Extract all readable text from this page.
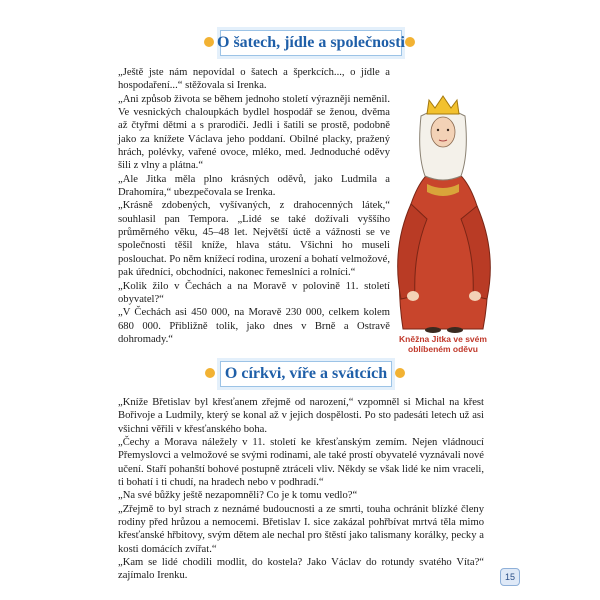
O šatech, jídle a společnosti

„Ještě jste nám nepovídal o šatech a šperkcích..., o jídle a hospodaření...“ stěžovala si Irenka.

„Ani způsob života se během jednoho století výrazněji neměnil. Ve vesnických chaloupkách bydlel hospodář se ženou, dvěma až čtyřmi dětmi a s prarodiči. Jedli i šatili se prostě, podobně jako za knížete Václava jeho poddaní. Obilné placky, pražený hrách, polévky, vařené ovoce, mléko, med. Jednoduché oděvy šili z vlny a plátna.“

„Ale Jitka měla plno krásných oděvů, jako Ludmila a Drahomíra,“ ubezpečovala se Irenka.

„Krásně zdobených, vyšívaných, z drahocenných látek,“ souhlasil pan Tempora. „Lidé se také dožívali vyššího průměrného věku, 45–48 let. Největší úctě a vážnosti se ve společnosti těšil kníže, hlava státu. Všichni ho museli poslouchat. Po něm knížecí rodina, urození a bohatí velmožové, pak úředníci, obchodníci, nakonec řemeslníci a rolníci.“

„Kolik žilo v Čechách a na Moravě v polovině 11. století obyvatel?“

„V Čechách asi 450 000, na Moravě 230 000, celkem kolem 680 000. Přibližně tolik, jako dnes v Brně a Ostravě dohromady.“	Kněžna Jitka ve svém oblíbeném oděvu
O církvi, víře a svátcích

„Kníže Břetislav byl křesťanem zřejmě od narození,“ vzpomněl si Michal na křest Bořivoje a Ludmily, který se konal až v jejich dospělosti. Po sto padesáti letech už asi všichni věřili v křesťanského boha.

„Čechy a Morava náležely v 11. století ke křesťanským zemím. Nejen vládnoucí Přemyslovci a velmožové se svými rodinami, ale také prostí obyvatelé vyznávali nové učení. Staří pohanští bohové postupně ztráceli vliv. Někdy se však lidé ke nim vraceli, ti bohatí i ti chudí, na hradech nebo v podhradí.“

„Na své bůžky ještě nezapomněli? Co je k tomu vedlo?“

„Zřejmě to byl strach z neznámé budoucnosti a ze smrti, touha ochránit blízké členy rodiny před hrůzou a nemocemi. Břetislav I. sice zakázal pohřbívat mrtvá těla mimo křesťanské hřbitovy, svým dětem ale nechal pro štěstí jako talismany korálky, pecky a kosti domácích zvířat.“

„Kam se lidé chodili modlit, do kostela? Jako Václav do rotundy svatého Víta?“ zajímalo Irenku.	15
